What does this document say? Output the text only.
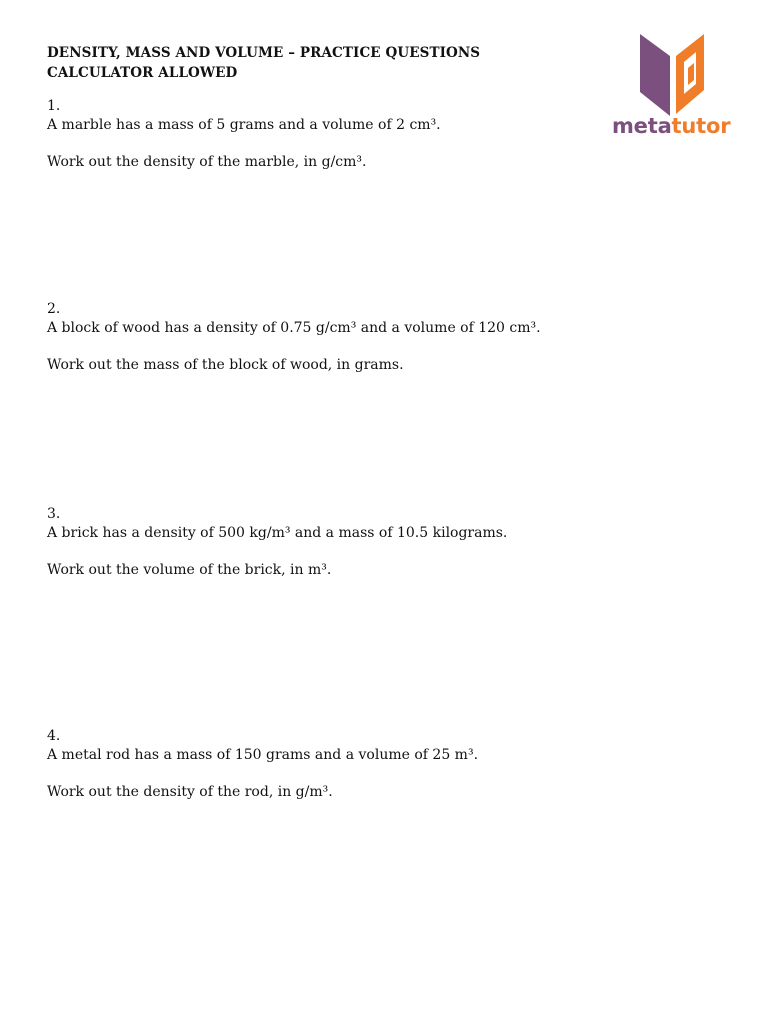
DENSITY, MASS AND VOLUME – PRACTICE QUESTIONS
CALCULATOR ALLOWED
metatutor
1.
A marble has a mass of 5 grams and a volume of 2 cm³.
Work out the density of the marble, in g/cm³.
2.
A block of wood has a density of 0.75 g/cm³ and a volume of 120 cm³.
Work out the mass of the block of wood, in grams.
3.
A brick has a density of 500 kg/m³ and a mass of 10.5 kilograms.
Work out the volume of the brick, in m³.
4.
A metal rod has a mass of 150 grams and a volume of 25 m³.
Work out the density of the rod, in g/m³.
